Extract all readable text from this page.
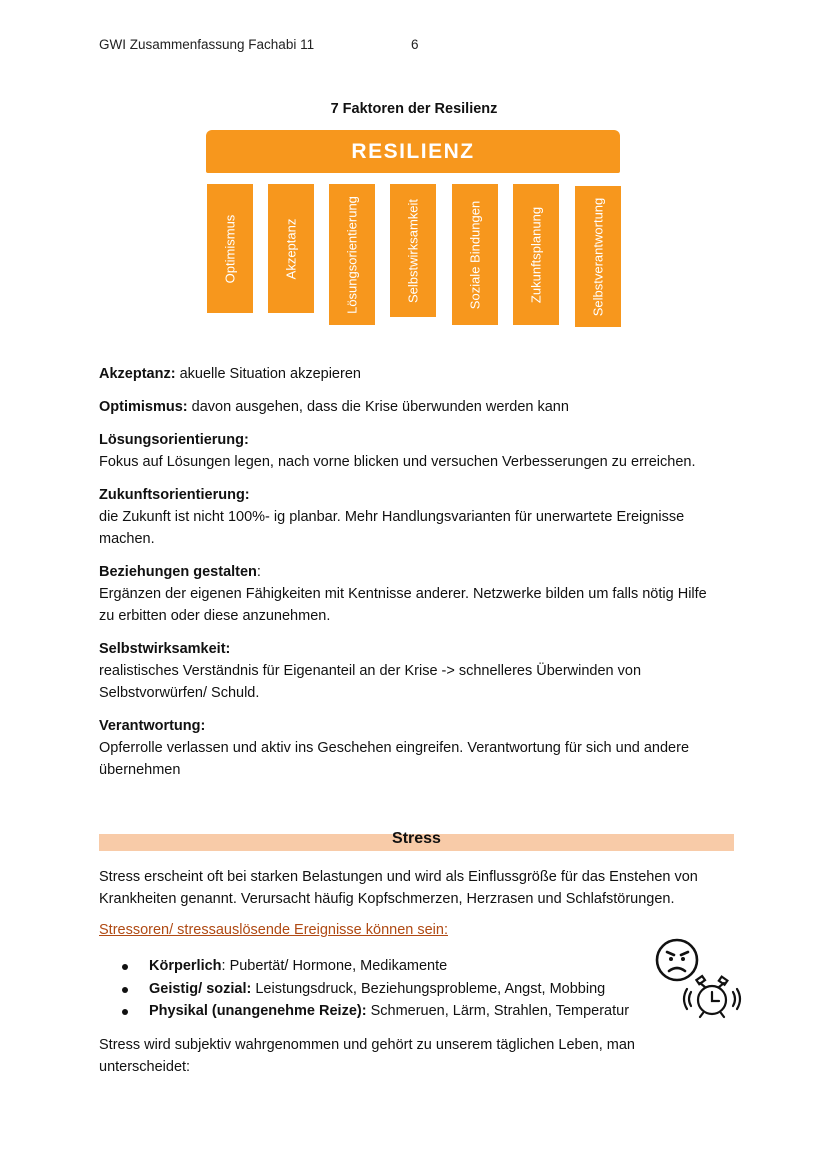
GWI Zusammenfassung Fachabi 11	6
7 Faktoren der Resilienz
RESILIENZ
Optimismus	Akzeptanz	Lösungsorientierung	Selbstwirksamkeit	Soziale Bindungen	Zukunftsplanung	Selbstverantwortung
Akzeptanz: akuelle Situation akzepieren
Optimismus: davon ausgehen, dass die Krise überwunden werden kann
Lösungsorientierung:
Fokus auf Lösungen legen, nach vorne blicken und versuchen Verbesserungen zu erreichen.
Zukunftsorientierung:
die Zukunft ist nicht 100%- ig planbar. Mehr Handlungsvarianten für unerwartete Ereignisse machen.
Beziehungen gestalten:
Ergänzen der eigenen Fähigkeiten mit Kentnisse anderer. Netzwerke bilden um falls nötig Hilfe zu erbitten oder diese anzunehmen.
Selbstwirksamkeit:
realistisches Verständnis für Eigenanteil an der Krise -> schnelleres Überwinden von Selbstvorwürfen/ Schuld.
Verantwortung:
Opferrolle verlassen und aktiv ins Geschehen eingreifen. Verantwortung für sich und andere übernehmen
Stress
Stress erscheint oft bei starken Belastungen und wird als Einflussgröße für das Enstehen von Krankheiten genannt. Verursacht häufig Kopfschmerzen, Herzrasen und Schlafstörungen.
Stressoren/ stressauslösende Ereignisse können sein:
Körperlich: Pubertät/ Hormone, Medikamente
Geistig/ sozial: Leistungsdruck, Beziehungsprobleme, Angst, Mobbing
Physikal (unangenehme Reize): Schmeruen, Lärm, Strahlen, Temperatur
Stress wird subjektiv wahrgenommen und gehört zu unserem täglichen Leben, man unterscheidet:
